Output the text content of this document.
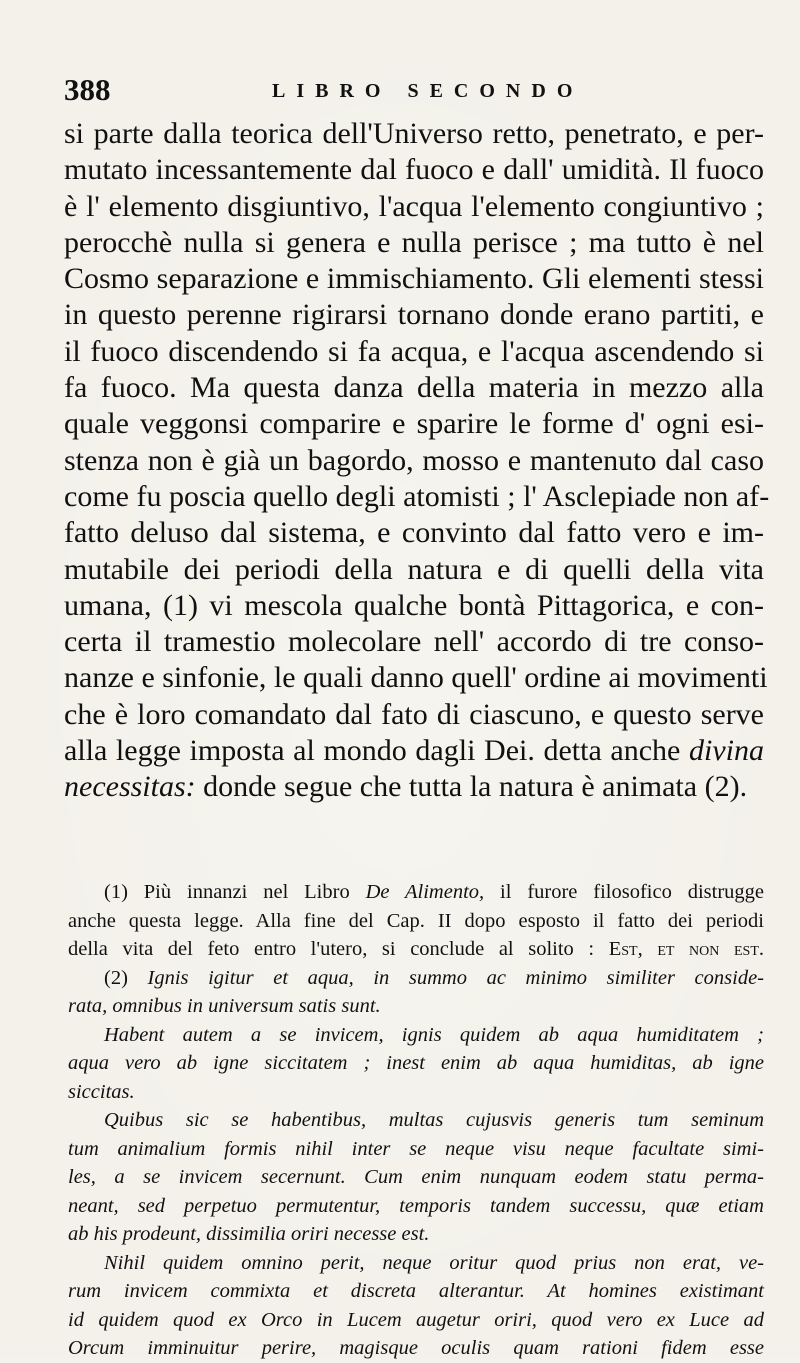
388	LIBRO SECONDO
si parte dalla teorica dell'Universo retto, penetrato, e per-
mutato incessantemente dal fuoco e dall' umidità. Il fuoco
è l' elemento disgiuntivo, l'acqua l'elemento congiuntivo ;
perocchè nulla si genera e nulla perisce ; ma tutto è nel
Cosmo separazione e immischiamento. Gli elementi stessi
in questo perenne rigirarsi tornano donde erano partiti, e
il fuoco discendendo si fa acqua, e l'acqua ascendendo si
fa fuoco. Ma questa danza della materia in mezzo alla
quale veggonsi comparire e sparire le forme d' ogni esi-
stenza non è già un bagordo, mosso e mantenuto dal caso
come fu poscia quello degli atomisti ; l' Asclepiade non af-
fatto deluso dal sistema, e convinto dal fatto vero e im-
mutabile dei periodi della natura e di quelli della vita
umana, (1) vi mescola qualche bontà Pittagorica, e con-
certa il tramestio molecolare nell' accordo di tre conso-
nanze e sinfonie, le quali danno quell' ordine ai movimenti
che è loro comandato dal fato di ciascuno, e questo serve
alla legge imposta al mondo dagli Dei. detta anche divina
necessitas: donde segue che tutta la natura è animata (2).
(1) Più innanzi nel Libro De Alimento, il furore filosofico distrugge
anche questa legge. Alla fine del Cap. II dopo esposto il fatto dei periodi
della vita del feto entro l'utero, si conclude al solito : Est, et non est.
(2) Ignis igitur et aqua, in summo ac minimo similiter conside-
rata, omnibus in universum satis sunt.
Habent autem a se invicem, ignis quidem ab aqua humiditatem ;
aqua vero ab igne siccitatem ; inest enim ab aqua humiditas, ab igne
siccitas.
Quibus sic se habentibus, multas cujusvis generis tum seminum
tum animalium formis nihil inter se neque visu neque facultate simi-
les, a se invicem secernunt. Cum enim nunquam eodem statu perma-
neant, sed perpetuo permutentur, temporis tandem successu, quæ etiam
ab his prodeunt, dissimilia oriri necesse est.
Nihil quidem omnino perit, neque oritur quod prius non erat, ve-
rum invicem commixta et discreta alterantur. At homines existimant
id quidem quod ex Orco in Lucem augetur oriri, quod vero ex Luce ad
Orcum imminuitur perire, magisque oculis quam rationi fidem esse
